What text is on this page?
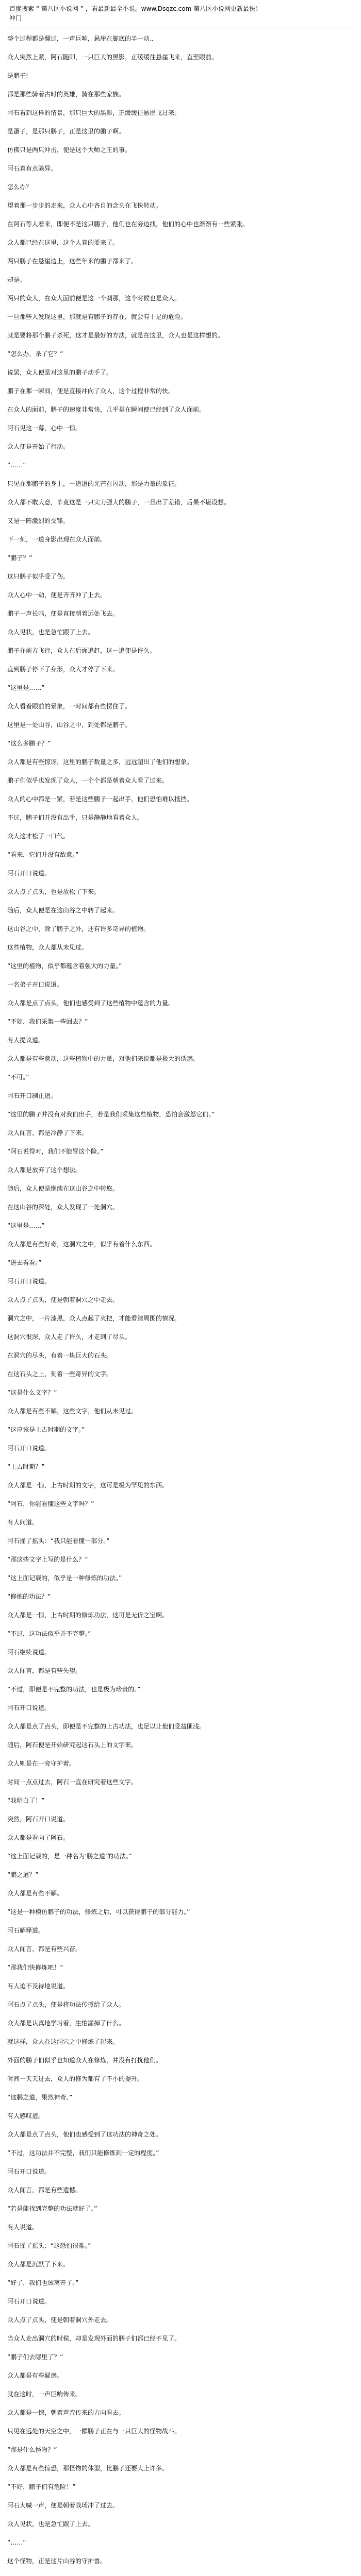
百度搜索 “ 第八区小说网 ” ，看最新最全小说。www.Dsqzc.com 第八区小说网更新最快！
冲门
整个过程都是翻过，一声巨响，悬崖在脚底的半一动..
众人突然上紧，阿石随即，一只巨大的黑影，正缓缓往悬崖飞来，直至眼前。
是鹏子!
都是那些骑着古时的英雄，骑在那些家族。
阿石看到这样的情景，那只巨大的黑影，正缓缓往悬崖飞过来。
是蛋子，是那只鹏子，正是这里的鹏子啊。
仿佛只是两只冲击，便是这个大师之王的事。
阿石真有点骇异。
怎么办？
望着那一步步的走来，众人心中各自的念头在飞快转动。
在阿石等人看来，即便不是这只鹏子，他们也在旁边找，他们的心中也渐渐有一些紧张。
众人都已经在这里，这个人真的要来了。
两只鹏子在悬崖边上，这些年来的鹏子都来了。
却是。
两只的众人，在众人面前便是这一个刹那，这个时候也是众人。
一旦那些人发现这里，那就是有鹏子的存在，就会有十足的危险。
就是要将那个鹏子杀死，这才是最好的方法，就是在这里，众人也是这样想的。
“怎么办，杀了它？”
说罢，众人便是对这里的鹏子动手了。
鹏子在那一瞬间，便是直接冲向了众人，这个过程非常的快。
在众人的面前，鹏子的速度非常快，几乎是在瞬间便已经到了众人面前。
阿石见这一幕，心中一惊。
众人便是开始了行动。
“……”
只见在那鹏子的身上，一道道的光芒在闪动，那是力量的象征。
众人都不敢大意，毕竟这是一只实力强大的鹏子，一旦出了差错，后果不堪设想。
又是一阵激烈的交锋。
下一刻，一道身影出现在众人面前。
“鹏子？”
这只鹏子似乎受了伤。
众人心中一动，便是齐齐冲了上去。
鹏子一声长鸣，便是直接朝着远处飞去。
众人见状，也是急忙跟了上去。
鹏子在前方飞行，众人在后面追赶，这一追便是许久。
直到鹏子停下了身形，众人才停了下来。
“这里是……”
众人看着眼前的景象，一时间都有些愣住了。
这里是一处山谷，山谷之中，到处都是鹏子。
“这么多鹏子？”
众人都是有些惊讶，这里的鹏子数量之多，远远超出了他们的想象。
鹏子们似乎也发现了众人，一个个都是朝着众人看了过来。
众人的心中都是一紧，若是这些鹏子一起出手，他们恐怕难以抵挡。
不过，鹏子们并没有出手，只是静静地看着众人。
众人这才松了一口气。
“看来，它们并没有敌意。”
阿石开口说道。
众人点了点头，也是放松了下来。
随后，众人便是在这山谷之中转了起来。
这山谷之中，除了鹏子之外，还有许多奇异的植物。
这些植物，众人都从未见过。
“这里的植物，似乎都蕴含着强大的力量。”
一名弟子开口说道。
众人都是点了点头，他们也感受到了这些植物中蕴含的力量。
“不如，我们采集一些回去？”
有人提议道。
众人都是有些意动，这些植物中的力量，对他们来说都是极大的诱惑。
“不可。”
阿石开口制止道。
“这里的鹏子并没有对我们出手，若是我们采集这些植物，恐怕会激怒它们。”
众人闻言，都是冷静了下来。
“阿石说得对，我们不能冒这个险。”
众人都是放弃了这个想法。
随后，众人便是继续在这山谷之中转悠。
在这山谷的深处，众人发现了一处洞穴。
“这里是……”
众人都是有些好奇，这洞穴之中，似乎有着什么东西。
“进去看看。”
阿石开口说道。
众人点了点头，便是朝着洞穴之中走去。
洞穴之中，一片漆黑，众人点起了火把，才能看清周围的情况。
这洞穴很深，众人走了许久，才走到了尽头。
在洞穴的尽头，有着一块巨大的石头。
在这石头之上，刻着一些奇异的文字。
“这是什么文字？”
众人都是有些不解，这些文字，他们从未见过。
“这应该是上古时期的文字。”
阿石开口说道。
“上古时期？”
众人都是一惊，上古时期的文字，这可是极为罕见的东西。
“阿石，你能看懂这些文字吗？”
有人问道。
阿石摇了摇头：“我只能看懂一部分。”
“那这些文字上写的是什么？”
“这上面记载的，似乎是一种修炼的功法。”
“修炼的功法？”
众人都是一惊，上古时期的修炼功法，这可是无价之宝啊。
“不过，这功法似乎并不完整。”
阿石继续说道。
众人闻言，都是有些失望。
“不过，即便是不完整的功法，也是极为珍贵的。”
阿石开口说道。
众人都是点了点头，即便是不完整的上古功法，也足以让他们受益匪浅。
随后，阿石便是开始研究起这石头上的文字来。
众人则是在一旁守护着。
时间一点点过去，阿石一直在研究着这些文字。
“我明白了！”
突然，阿石开口说道。
众人都是看向了阿石。
“这上面记载的，是一种名为‘鹏之道’的功法。”
“鹏之道？”
众人都是有些不解。
“这是一种模仿鹏子的功法，修炼之后，可以获得鹏子的部分能力。”
阿石解释道。
众人闻言，都是有些兴奋。
“那我们快修炼吧！”
有人迫不及待地说道。
阿石点了点头，便是将功法传授给了众人。
众人都是认真地学习着，生怕漏掉了什么。
就这样，众人在这洞穴之中修炼了起来。
外面的鹏子们似乎也知道众人在修炼，并没有打扰他们。
时间一天天过去，众人的修为都有了不小的提升。
“这鹏之道，果然神奇。”
有人感叹道。
众人都是点了点头，他们也感受到了这功法的神奇之处。
“不过，这功法并不完整，我们只能修炼到一定的程度。”
阿石开口说道。
众人闻言，都是有些遗憾。
“若是能找到完整的功法就好了。”
有人说道。
阿石摇了摇头：“这恐怕很难。”
众人都是沉默了下来。
“好了，我们也该离开了。”
阿石开口说道。
众人点了点头，便是朝着洞穴外走去。
当众人走出洞穴的时候，却是发现外面的鹏子们都已经不见了。
“鹏子们去哪里了？”
众人都是有些疑惑。
就在这时，一声巨响传来。
众人都是一惊，朝着声音传来的方向看去。
只见在远处的天空之中，一群鹏子正在与一只巨大的怪物战斗。
“那是什么怪物？”
众人都是有些惊恐，那怪物的体型，比鹏子还要大上许多。
“不好，鹏子们有危险！”
阿石大喊一声，便是朝着战场冲了过去。
众人见状，也是急忙跟了上去。
“……”
这个怪物，正是这片山谷的守护兽。
